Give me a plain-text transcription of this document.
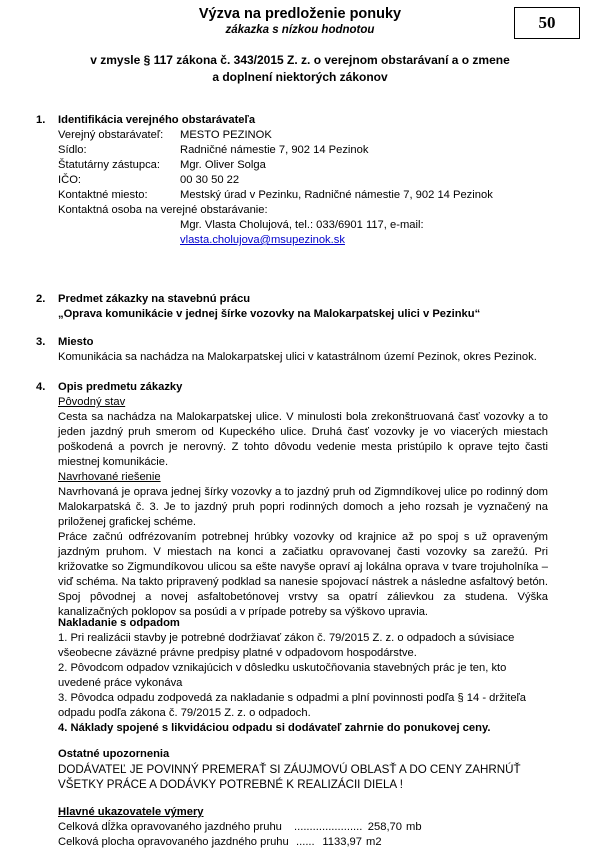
Výzva na predloženie ponuky
zákazka s nízkou hodnotou	50
v zmysle § 117 zákona č. 343/2015 Z. z. o verejnom obstarávaní a o zmene
a doplnení niektorých zákonov
1. Identifikácia verejného obstarávateľa
Verejný obstarávateľ:	MESTO PEZINOK
Sídlo:	Radničné námestie 7, 902 14 Pezinok
Štatutárny zástupca:	Mgr. Oliver Solga
IČO:	00 30 50 22
Kontaktné miesto:	Mestský úrad v Pezinku, Radničné námestie 7, 902 14 Pezinok
Kontaktná osoba na verejné obstarávanie:
Mgr. Vlasta Cholujová, tel.: 033/6901 117, e-mail:
vlasta.cholujova@msupezinok.sk
2. Predmet zákazky na stavebnú prácu
„Oprava komunikácie v jednej šírke vozovky na Malokarpatskej ulici v Pezinku“
3. Miesto
Komunikácia sa nachádza na Malokarpatskej ulici v katastrálnom území Pezinok, okres Pezinok.
4. Opis predmetu zákazky
Pôvodný stav

Cesta sa nachádza na Malokarpatskej ulice. V minulosti bola zrekonštruovaná časť vozovky a to jeden jazdný pruh smerom od Kupeckého ulice. Druhá časť vozovky je vo viacerých miestach poškodená a povrch je nerovný. Z tohto dôvodu vedenie mesta pristúpilo k oprave tejto časti miestnej komunikácie.

Navrhované riešenie

Navrhovaná je oprava jednej šírky vozovky a to jazdný pruh od Zigmndíkovej ulice po rodinný dom Malokarpatská č. 3. Je to jazdný pruh popri rodinných domoch a jeho rozsah je vyznačený na priloženej grafickej schéme.

Práce začnú odfrézovaním potrebnej hrúbky vozovky od krajnice až po spoj s už opraveným jazdným pruhom. V miestach na konci a začiatku opravovanej časti vozovky sa zarežú. Pri križovatke so Zigmundíkovou ulicou sa ešte navyše opraví aj lokálna oprava v tvare trojuholníka – viď schéma. Na takto pripravený podklad sa nanesie spojovací nástrek a následne asfaltový betón. Spoj pôvodnej a novej asfaltobetónovej vrstvy sa opatrí zálievkou za studena. Výška kanalizačných poklopov sa posúdi a v prípade potreby sa výškovo upravia.

Nakladanie s odpadom

1. Pri realizácii stavby je potrebné dodržiavať zákon č. 79/2015 Z. z. o odpadoch a súvisiace všeobecne záväzné právne predpisy platné v odpadovom hospodárstve.

2. Pôvodcom odpadov vznikajúcich v dôsledku uskutočňovania stavebných prác je ten, kto uvedené práce vykonáva

3. Pôvodca odpadu zodpovedá za nakladanie s odpadmi a plní povinnosti podľa § 14 - držiteľa odpadu podľa zákona č. 79/2015 Z. z. o odpadoch.

4. Náklady spojené s likvidáciou odpadu si dodávateľ zahrnie do ponukovej ceny.

Ostatné upozornenia

DODÁVATEĽ JE POVINNÝ PREMERAŤ SI ZÁUJMOVÚ OBLASŤ A DO CENY ZAHRNÚŤ VŠETKY PRÁCE A DODÁVKY POTREBNÉ K REALIZÁCII DIELA !

Hlavné ukazovatele výmery
Celková dĺžka opravovaného jazdného pruhu	...................... 258,70 mb
Celková plocha opravovaného jazdného pruhu ...... 1133,97 m2
